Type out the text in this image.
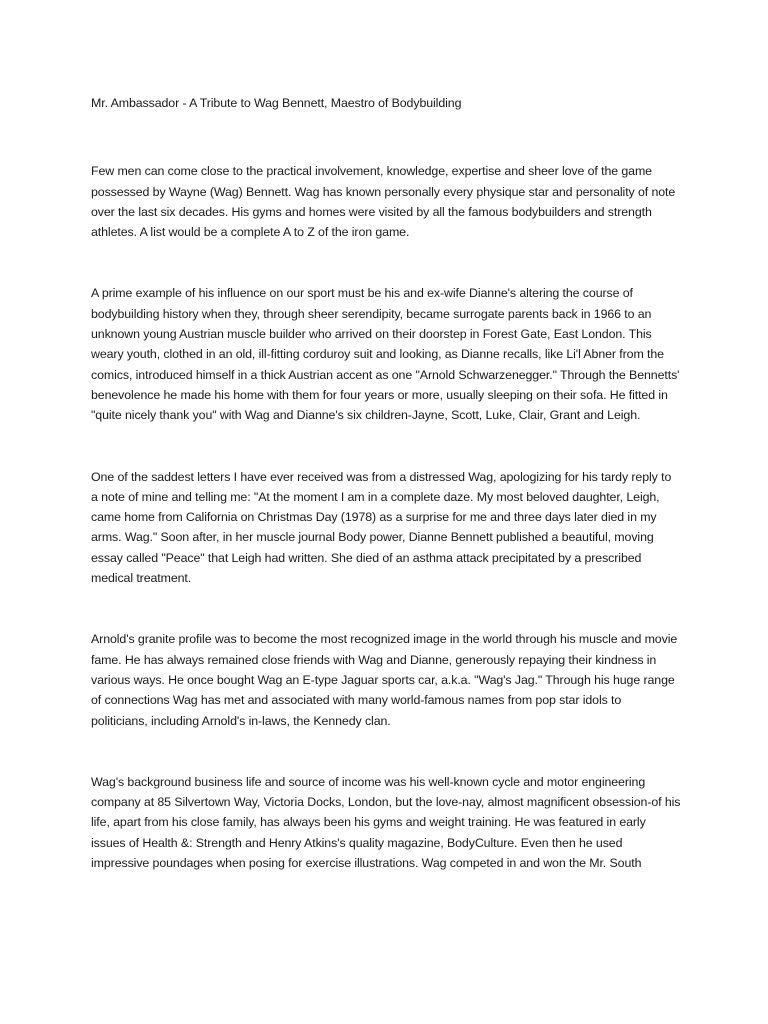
Mr. Ambassador - A Tribute to Wag Bennett, Maestro of Bodybuilding

Few men can come close to the practical involvement, knowledge, expertise and sheer love of the game possessed by Wayne (Wag) Bennett. Wag has known personally every physique star and personality of note over the last six decades. His gyms and homes were visited by all the famous bodybuilders and strength athletes. A list would be a complete A to Z of the iron game.

A prime example of his influence on our sport must be his and ex-wife Dianne's altering the course of bodybuilding history when they, through sheer serendipity, became surrogate parents back in 1966 to an unknown young Austrian muscle builder who arrived on their doorstep in Forest Gate, East London. This weary youth, clothed in an old, ill-fitting corduroy suit and looking, as Dianne recalls, like Li'l Abner from the comics, introduced himself in a thick Austrian accent as one "Arnold Schwarzenegger." Through the Bennetts' benevolence he made his home with them for four years or more, usually sleeping on their sofa. He fitted in "quite nicely thank you" with Wag and Dianne's six children-Jayne, Scott, Luke, Clair, Grant and Leigh.

One of the saddest letters I have ever received was from a distressed Wag, apologizing for his tardy reply to a note of mine and telling me: "At the moment I am in a complete daze. My most beloved daughter, Leigh, came home from California on Christmas Day (1978) as a surprise for me and three days later died in my arms. Wag." Soon after, in her muscle journal Body power, Dianne Bennett published a beautiful, moving essay called "Peace" that Leigh had written. She died of an asthma attack precipitated by a prescribed medical treatment.

Arnold's granite profile was to become the most recognized image in the world through his muscle and movie fame. He has always remained close friends with Wag and Dianne, generously repaying their kindness in various ways. He once bought Wag an E-type Jaguar sports car, a.k.a. "Wag's Jag." Through his huge range of connections Wag has met and associated with many world-famous names from pop star idols to politicians, including Arnold's in-laws, the Kennedy clan.

Wag's background business life and source of income was his well-known cycle and motor engineering company at 85 Silvertown Way, Victoria Docks, London, but the love-nay, almost magnificent obsession-of his life, apart from his close family, has always been his gyms and weight training. He was featured in early issues of Health &: Strength and Henry Atkins's quality magazine, BodyCulture. Even then he used impressive poundages when posing for exercise illustrations. Wag competed in and won the Mr. South
